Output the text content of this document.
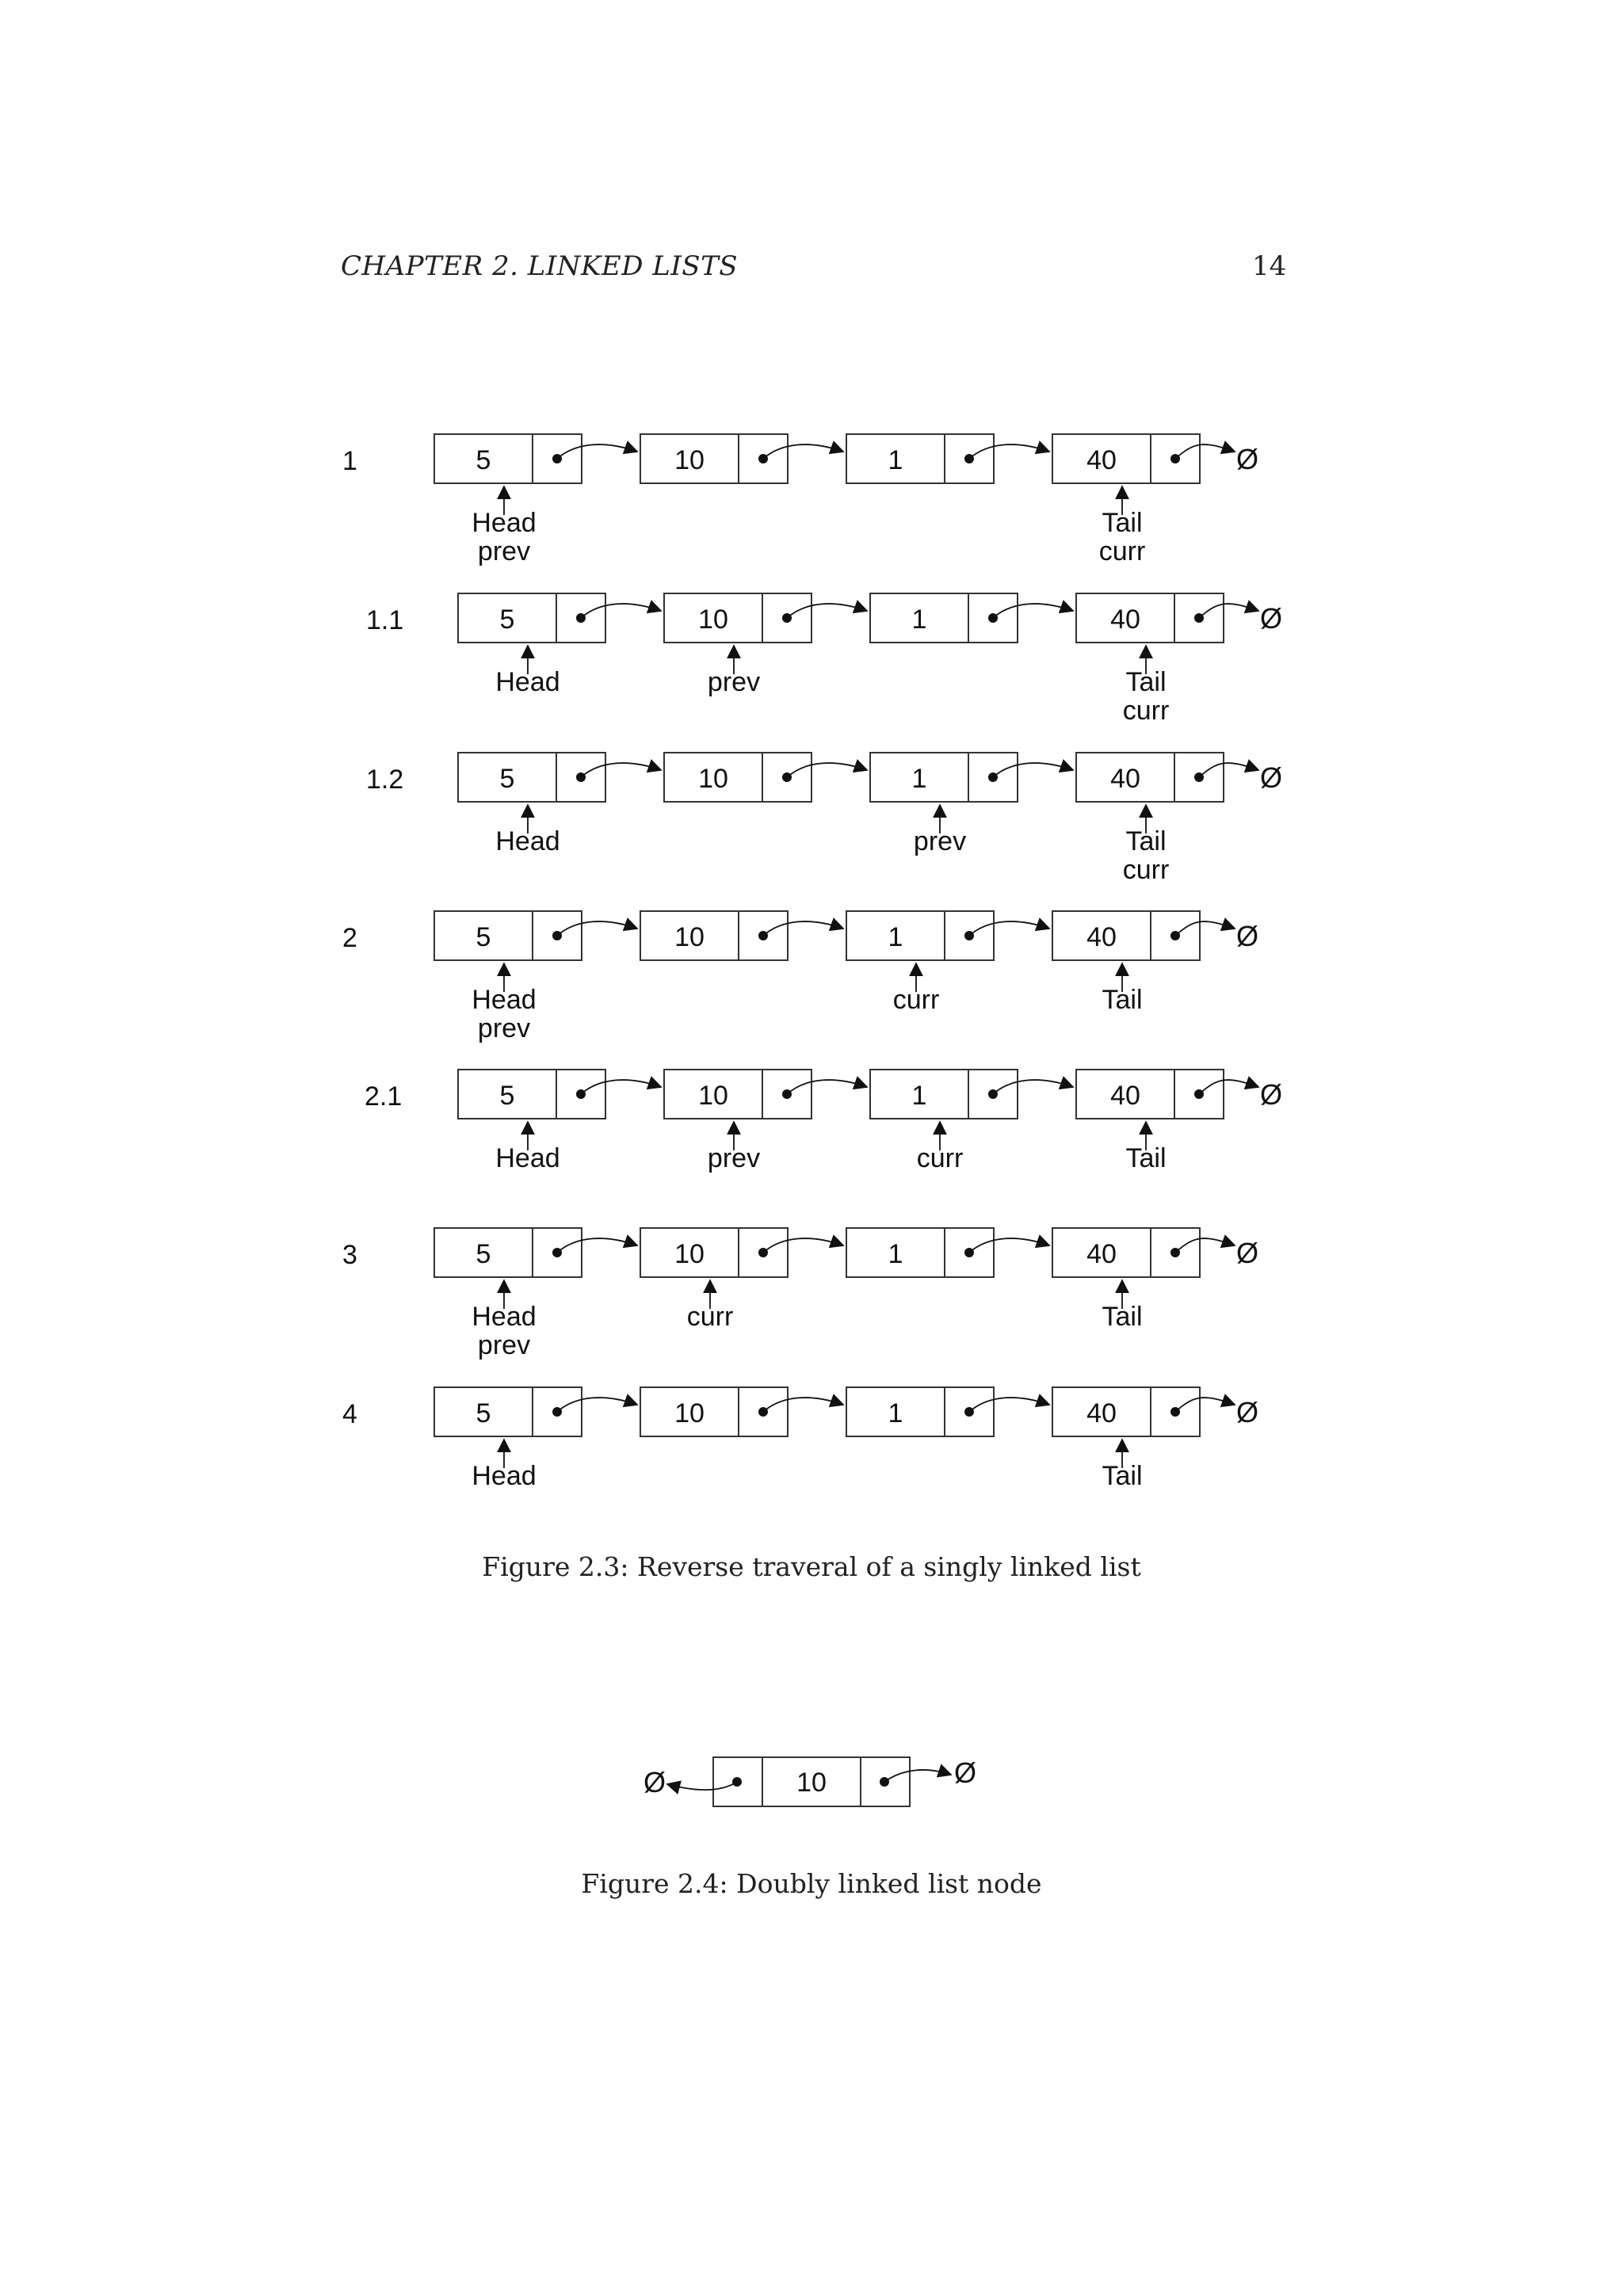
CHAPTER 2. LINKED LISTS	14
1	5	10	1	40	Ø
Head
prev
Tail
curr
1.1	5	10	1	40	Ø
Head	prev	Tail
curr
1.2	5	10	1	40	Ø
Head	prev	Tail
curr
2	5	10	1	40	Ø
Head
prev
curr	Tail
2.1	5	10	1	40	Ø
Head	prev	curr	Tail
3	5	10	1	40	Ø
Head
prev
curr	Tail
4	5	10	1	40	Ø
Head	Tail
Figure 2.3: Reverse traveral of a singly linked list
10
Ø	Ø
Figure 2.4: Doubly linked list node
